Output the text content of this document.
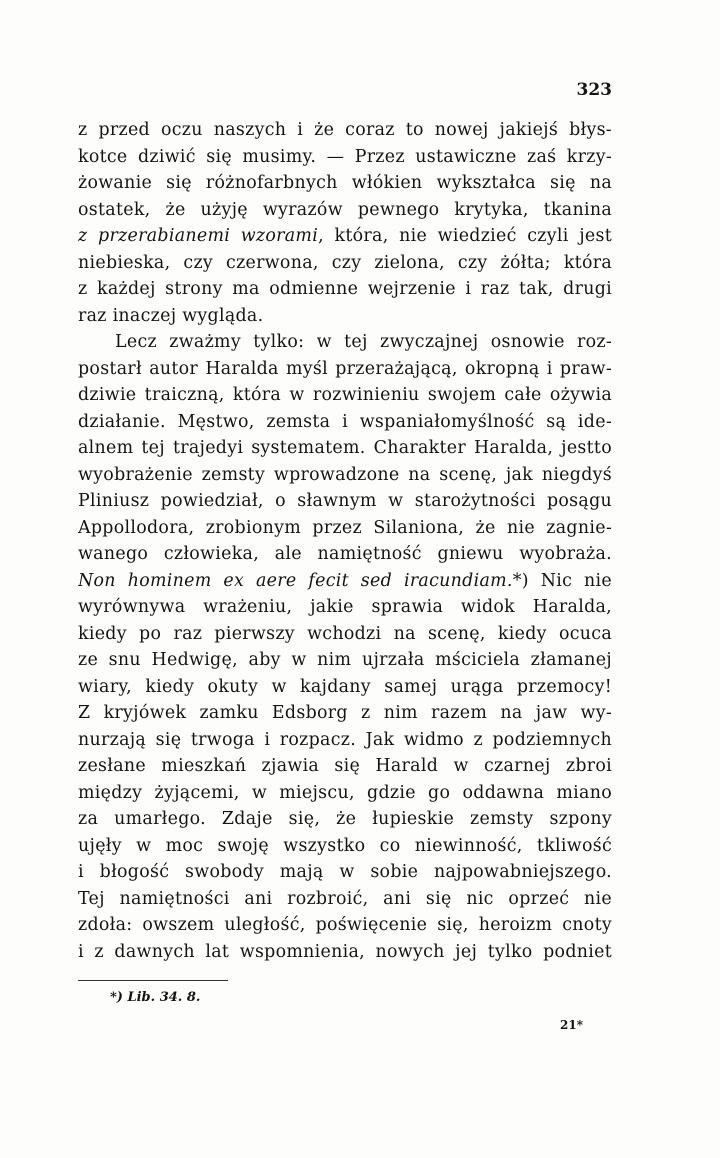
323
z przed oczu naszych i że coraz to nowej jakiejś błys-
kotce dziwić się musimy. — Przez ustawiczne zaś krzy-
żowanie się różnofarbnych włókien wykształca się na
ostatek, że użyję wyrazów pewnego krytyka, tkanina
z przerabianemi wzorami, która, nie wiedzieć czyli jest
niebieska, czy czerwona, czy zielona, czy żółta; która
z każdej strony ma odmienne wejrzenie i raz tak, drugi
raz inaczej wygląda.
Lecz zważmy tylko: w tej zwyczajnej osnowie roz-
postarł autor Haralda myśl przerażającą, okropną i praw-
dziwie traiczną, która w rozwinieniu swojem całe ożywia
działanie. Męstwo, zemsta i wspaniałomyślność są ide-
alnem tej trajedyi systematem. Charakter Haralda, jestto
wyobrażenie zemsty wprowadzone na scenę, jak niegdyś
Pliniusz powiedział, o sławnym w starożytności posągu
Appollodora, zrobionym przez Silaniona, że nie zagnie-
wanego człowieka, ale namiętność gniewu wyobraża.
Non hominem ex aere fecit sed iracundiam.*) Nic nie
wyrównywa wrażeniu, jakie sprawia widok Haralda,
kiedy po raz pierwszy wchodzi na scenę, kiedy ocuca
ze snu Hedwigę, aby w nim ujrzała mściciela złamanej
wiary, kiedy okuty w kajdany samej urąga przemocy!
Z kryjówek zamku Edsborg z nim razem na jaw wy-
nurzają się trwoga i rozpacz. Jak widmo z podziemnych
zesłane mieszkań zjawia się Harald w czarnej zbroi
między żyjącemi, w miejscu, gdzie go oddawna miano
za umarłego. Zdaje się, że łupieskie zemsty szpony
ujęły w moc swoję wszystko co niewinność, tkliwość
i błogość swobody mają w sobie najpowabniejszego.
Tej namiętności ani rozbroić, ani się nic oprzeć nie
zdoła: owszem uległość, poświęcenie się, heroizm cnoty
i z dawnych lat wspomnienia, nowych jej tylko podniet
*) Lib. 34. 8.
21*
